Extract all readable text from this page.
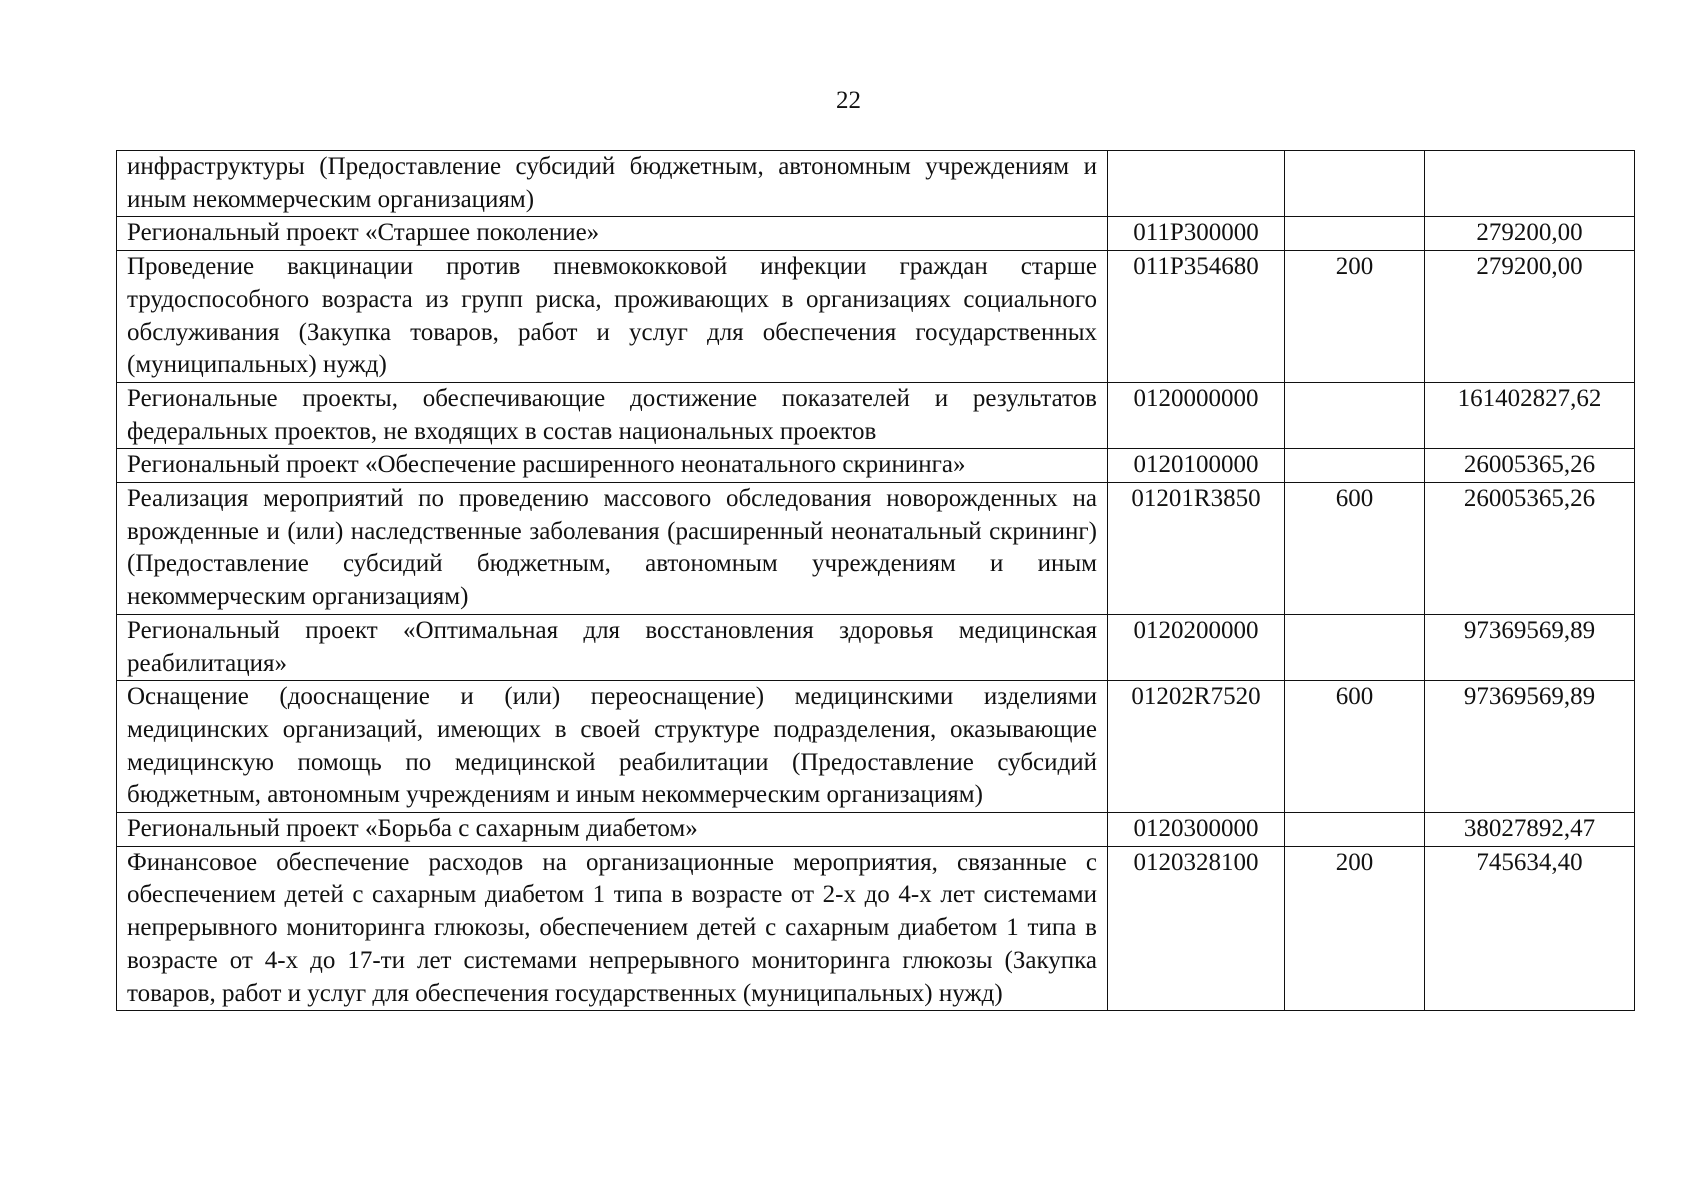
22
инфраструктуры (Предоставление субсидий бюджетным, автономным учреждениям и иным некоммерческим организациям)			
Региональный проект «Старшее поколение»	011P300000		279200,00
Проведение вакцинации против пневмококковой инфекции граждан старше трудоспособного возраста из групп риска, проживающих в организациях социального обслуживания (Закупка товаров, работ и услуг для обеспечения государственных (муниципальных) нужд)	011P354680	200	279200,00
Региональные проекты, обеспечивающие достижение показателей и результатов федеральных проектов, не входящих в состав национальных проектов	0120000000		161402827,62
Региональный проект «Обеспечение расширенного неонатального скрининга»	0120100000		26005365,26
Реализация мероприятий по проведению массового обследования новорожденных на врожденные и (или) наследственные заболевания (расширенный неонатальный скрининг) (Предоставление субсидий бюджетным, автономным учреждениям и иным некоммерческим организациям)	01201R3850	600	26005365,26
Региональный проект «Оптимальная для восстановления здоровья медицинская реабилитация»	0120200000		97369569,89
Оснащение (дооснащение и (или) переоснащение) медицинскими изделиями медицинских организаций, имеющих в своей структуре подразделения, оказывающие медицинскую помощь по медицинской реабилитации (Предоставление субсидий бюджетным, автономным учреждениям и иным некоммерческим организациям)	01202R7520	600	97369569,89
Региональный проект «Борьба с сахарным диабетом»	0120300000		38027892,47
Финансовое обеспечение расходов на организационные мероприятия, связанные с обеспечением детей с сахарным диабетом 1 типа в возрасте от 2-х до 4-х лет системами непрерывного мониторинга глюкозы, обеспечением детей с сахарным диабетом 1 типа в возрасте от 4-х до 17-ти лет системами непрерывного мониторинга глюкозы (Закупка товаров, работ и услуг для обеспечения государственных (муниципальных) нужд)	0120328100	200	745634,40
